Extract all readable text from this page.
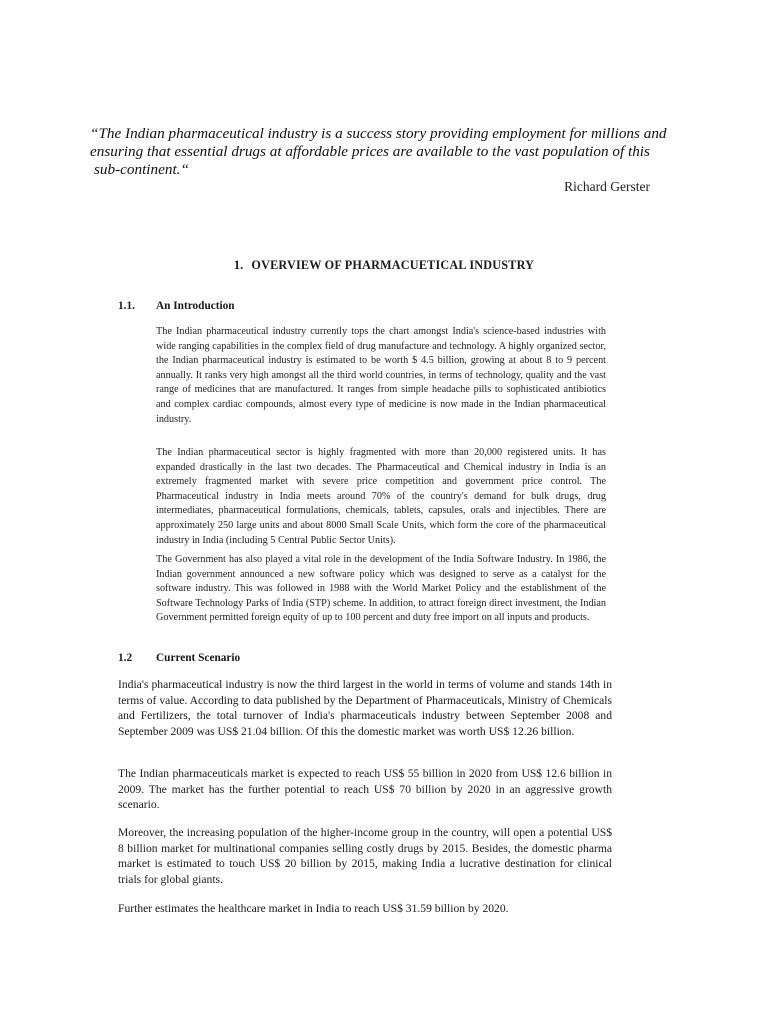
“The Indian pharmaceutical industry is a success story providing employment for millions and

ensuring that essential drugs at affordable prices are available to the vast population of this

sub-continent.“

Richard Gerster
1. OVERVIEW OF PHARMACUETICAL INDUSTRY
1.1. An Introduction

The Indian pharmaceutical industry currently tops the chart amongst India's science-based industries with wide ranging capabilities in the complex field of drug manufacture and technology. A highly organized sector, the Indian pharmaceutical industry is estimated to be worth $ 4.5 billion, growing at about 8 to 9 percent annually. It ranks very high amongst all the third world countries, in terms of technology, quality and the vast range of medicines that are manufactured. It ranges from simple headache pills to sophisticated antibiotics and complex cardiac compounds, almost every type of medicine is now made in the Indian pharmaceutical industry.

The Indian pharmaceutical sector is highly fragmented with more than 20,000 registered units. It has expanded drastically in the last two decades. The Pharmaceutical and Chemical industry in India is an extremely fragmented market with severe price competition and government price control. The Pharmaceutical industry in India meets around 70% of the country's demand for bulk drugs, drug intermediates, pharmaceutical formulations, chemicals, tablets, capsules, orals and injectibles. There are approximately 250 large units and about 8000 Small Scale Units, which form the core of the pharmaceutical industry in India (including 5 Central Public Sector Units).

The Government has also played a vital role in the development of the India Software Industry. In 1986, the Indian government announced a new software policy which was designed to serve as a catalyst for the software industry. This was followed in 1988 with the World Market Policy and the establishment of the Software Technology Parks of India (STP) scheme. In addition, to attract foreign direct investment, the Indian Government permitted foreign equity of up to 100 percent and duty free import on all inputs and products.

1.2 Current Scenario

India's pharmaceutical industry is now the third largest in the world in terms of volume and stands 14th in terms of value. According to data published by the Department of Pharmaceuticals, Ministry of Chemicals and Fertilizers, the total turnover of India's pharmaceuticals industry between September 2008 and September 2009 was US$ 21.04 billion. Of this the domestic market was worth US$ 12.26 billion.

The Indian pharmaceuticals market is expected to reach US$ 55 billion in 2020 from US$ 12.6 billion in 2009. The market has the further potential to reach US$ 70 billion by 2020 in an aggressive growth scenario.

Moreover, the increasing population of the higher-income group in the country, will open a potential US$ 8 billion market for multinational companies selling costly drugs by 2015. Besides, the domestic pharma market is estimated to touch US$ 20 billion by 2015, making India a lucrative destination for clinical trials for global giants.

Further estimates the healthcare market in India to reach US$ 31.59 billion by 2020.
